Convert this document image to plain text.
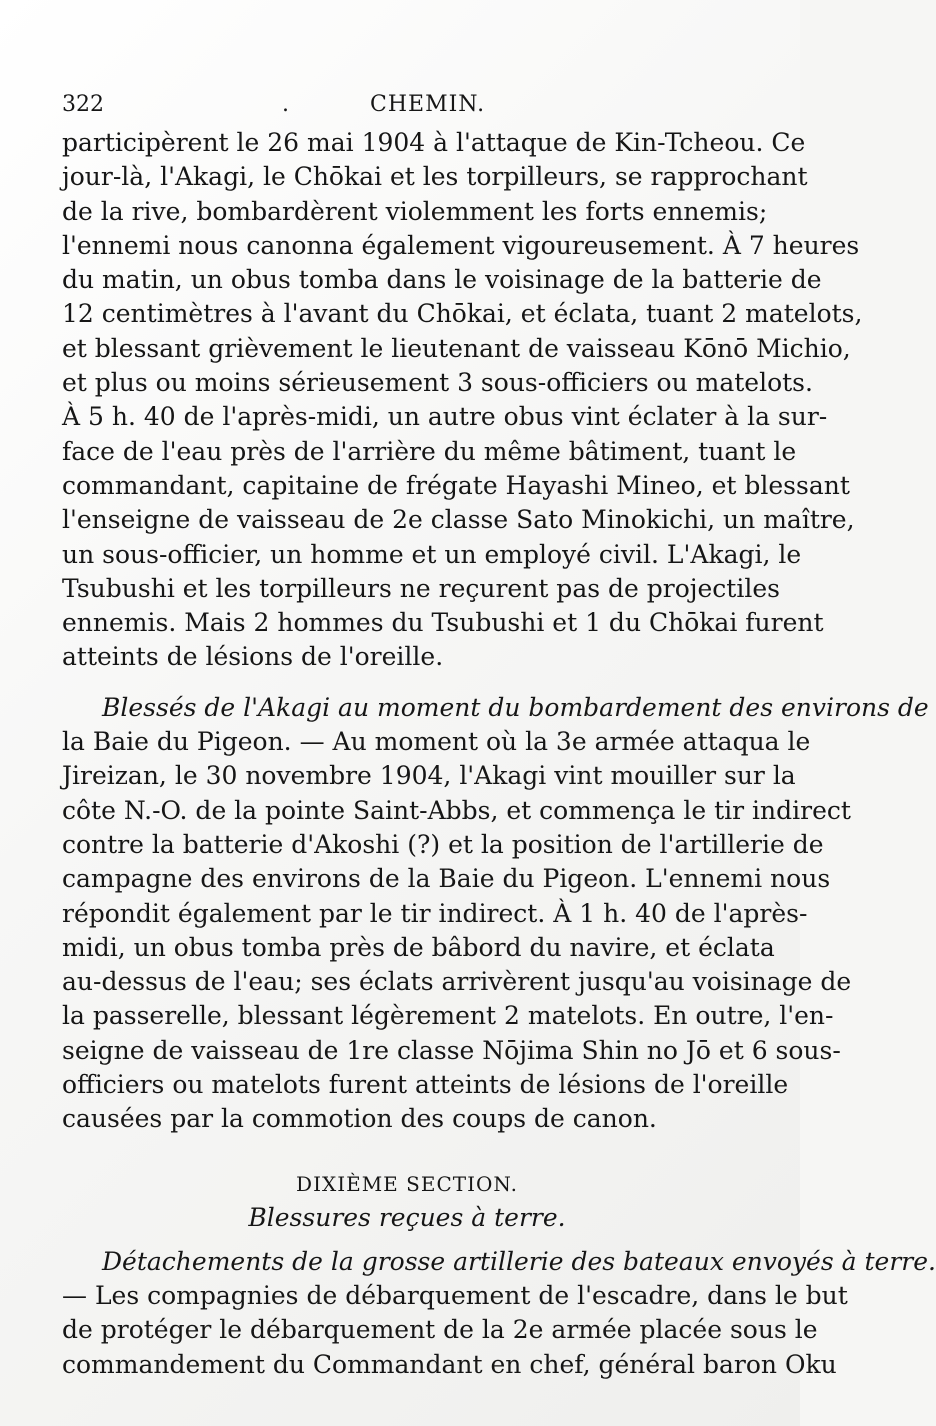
322	.	CHEMIN.
participèrent le 26 mai 1904 à l'attaque de Kin-Tcheou. Ce
jour-là, l'Akagi, le Chōkai et les torpilleurs, se rapprochant
de la rive, bombardèrent violemment les forts ennemis;
l'ennemi nous canonna également vigoureusement. À 7 heures
du matin, un obus tomba dans le voisinage de la batterie de
12 centimètres à l'avant du Chōkai, et éclata, tuant 2 matelots,
et blessant grièvement le lieutenant de vaisseau Kōnō Michio,
et plus ou moins sérieusement 3 sous-officiers ou matelots.
À 5 h. 40 de l'après-midi, un autre obus vint éclater à la sur-
face de l'eau près de l'arrière du même bâtiment, tuant le
commandant, capitaine de frégate Hayashi Mineo, et blessant
l'enseigne de vaisseau de 2e classe Sato Minokichi, un maître,
un sous-officier, un homme et un employé civil. L'Akagi, le
Tsubushi et les torpilleurs ne reçurent pas de projectiles
ennemis. Mais 2 hommes du Tsubushi et 1 du Chōkai furent
atteints de lésions de l'oreille.
Blessés de l'Akagi au moment du bombardement des environs de
la Baie du Pigeon. — Au moment où la 3e armée attaqua le
Jireizan, le 30 novembre 1904, l'Akagi vint mouiller sur la
côte N.-O. de la pointe Saint-Abbs, et commença le tir indirect
contre la batterie d'Akoshi (?) et la position de l'artillerie de
campagne des environs de la Baie du Pigeon. L'ennemi nous
répondit également par le tir indirect. À 1 h. 40 de l'après-
midi, un obus tomba près de bâbord du navire, et éclata
au-dessus de l'eau; ses éclats arrivèrent jusqu'au voisinage de
la passerelle, blessant légèrement 2 matelots. En outre, l'en-
seigne de vaisseau de 1re classe Nōjima Shin no Jō et 6 sous-
officiers ou matelots furent atteints de lésions de l'oreille
causées par la commotion des coups de canon.
DIXIÈME SECTION.
Blessures reçues à terre.
Détachements de la grosse artillerie des bateaux envoyés à terre.
— Les compagnies de débarquement de l'escadre, dans le but
de protéger le débarquement de la 2e armée placée sous le
commandement du Commandant en chef, général baron Oku
